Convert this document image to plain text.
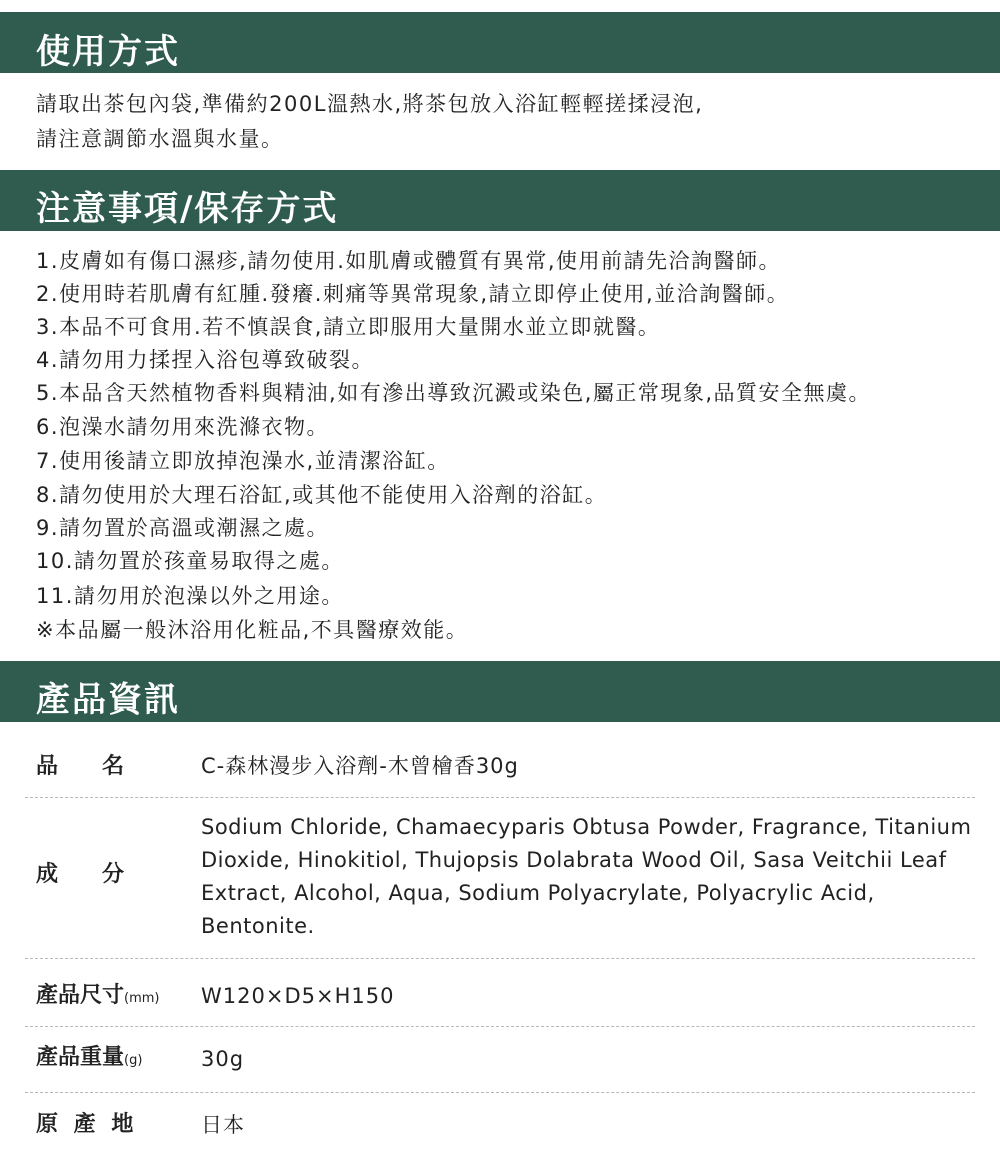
使用方式
請取出茶包內袋,準備約200L溫熱水,將茶包放入浴缸輕輕搓揉浸泡,
請注意調節水溫與水量。
注意事項/保存方式
1.皮膚如有傷口濕疹,請勿使用.如肌膚或體質有異常,使用前請先洽詢醫師。
2.使用時若肌膚有紅腫.發癢.刺痛等異常現象,請立即停止使用,並洽詢醫師。
3.本品不可食用.若不慎誤食,請立即服用大量開水並立即就醫。
4.請勿用力揉捏入浴包導致破裂。
5.本品含天然植物香料與精油,如有滲出導致沉澱或染色,屬正常現象,品質安全無虞。
6.泡澡水請勿用來洗滌衣物。
7.使用後請立即放掉泡澡水,並清潔浴缸。
8.請勿使用於大理石浴缸,或其他不能使用入浴劑的浴缸。
9.請勿置於高溫或潮濕之處。
10.請勿置於孩童易取得之處。
11.請勿用於泡澡以外之用途。
※本品屬一般沐浴用化粧品,不具醫療效能。
產品資訊
品　　名	C-森林漫步入浴劑-木曾檜香30g
成　　分
Sodium Chloride, Chamaecyparis Obtusa Powder, Fragrance, Titanium Dioxide, Hinokitiol, Thujopsis Dolabrata Wood Oil, Sasa Veitchii Leaf Extract, Alcohol, Aqua, Sodium Polyacrylate, Polyacrylic Acid, Bentonite.
產品尺寸(mm) W120×D5×H150
產品重量(g)	30g
原 產 地	日本
